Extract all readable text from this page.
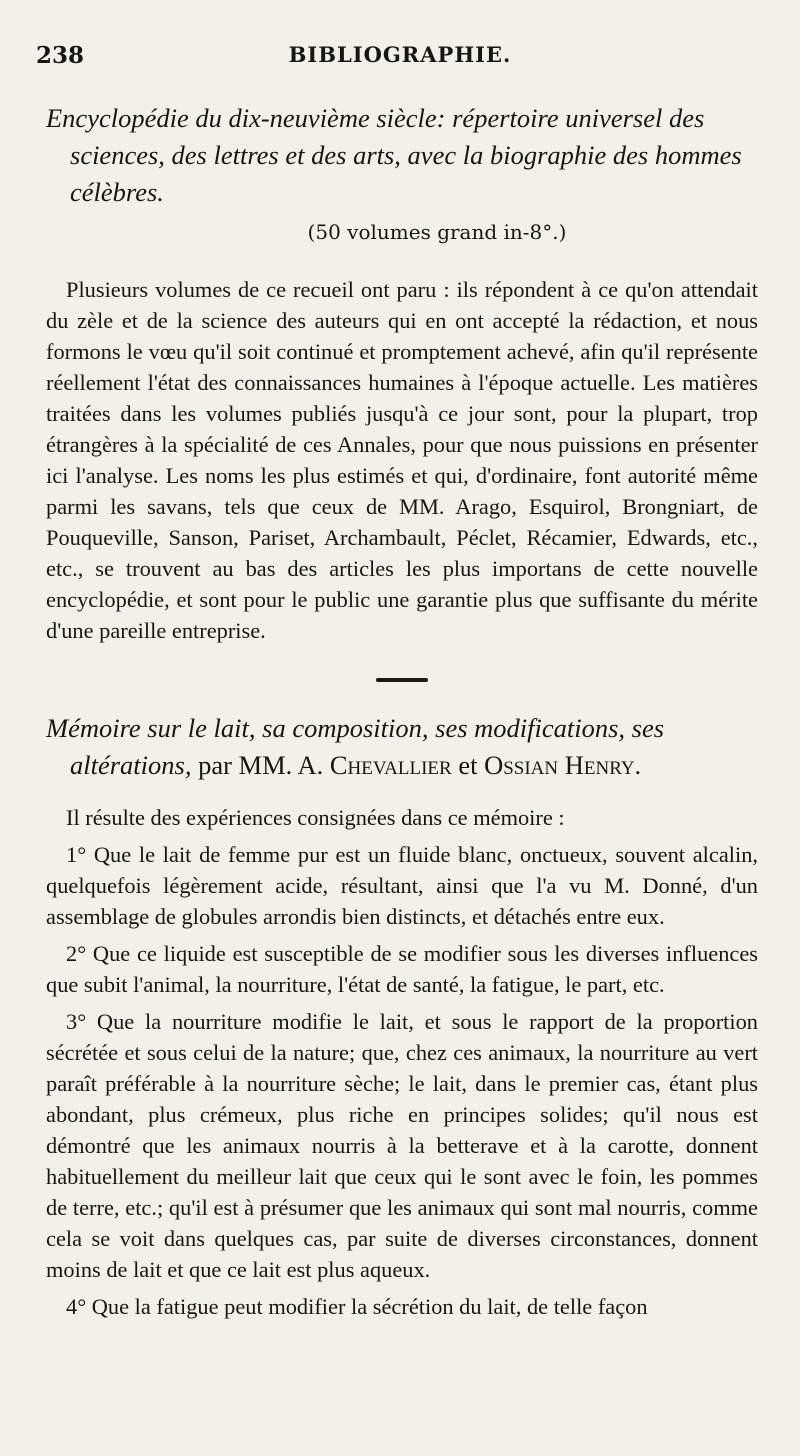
238	BIBLIOGRAPHIE.

Encyclopédie du dix-neuvième siècle: répertoire universel des sciences, des lettres et des arts, avec la biographie des hommes célèbres.

(50 volumes grand in-8°.)

Plusieurs volumes de ce recueil ont paru : ils répondent à ce qu'on attendait du zèle et de la science des auteurs qui en ont accepté la rédaction, et nous formons le vœu qu'il soit continué et promptement achevé, afin qu'il représente réellement l'état des connaissances humaines à l'époque actuelle. Les matières traitées dans les volumes publiés jusqu'à ce jour sont, pour la plupart, trop étrangères à la spécialité de ces Annales, pour que nous puissions en présenter ici l'analyse. Les noms les plus estimés et qui, d'ordinaire, font autorité même parmi les savans, tels que ceux de MM. Arago, Esquirol, Brongniart, de Pouqueville, Sanson, Pariset, Archambault, Péclet, Récamier, Edwards, etc., etc., se trouvent au bas des articles les plus importans de cette nouvelle encyclopédie, et sont pour le public une garantie plus que suffisante du mérite d'une pareille entreprise.

Mémoire sur le lait, sa composition, ses modifications, ses altérations, par MM. A. Chevallier et Ossian Henry.

Il résulte des expériences consignées dans ce mémoire :

1° Que le lait de femme pur est un fluide blanc, onctueux, souvent alcalin, quelquefois légèrement acide, résultant, ainsi que l'a vu M. Donné, d'un assemblage de globules arrondis bien distincts, et détachés entre eux.

2° Que ce liquide est susceptible de se modifier sous les diverses influences que subit l'animal, la nourriture, l'état de santé, la fatigue, le part, etc.

3° Que la nourriture modifie le lait, et sous le rapport de la proportion sécrétée et sous celui de la nature; que, chez ces animaux, la nourriture au vert paraît préférable à la nourriture sèche; le lait, dans le premier cas, étant plus abondant, plus crémeux, plus riche en principes solides; qu'il nous est démontré que les animaux nourris à la betterave et à la carotte, donnent habituellement du meilleur lait que ceux qui le sont avec le foin, les pommes de terre, etc.; qu'il est à présumer que les animaux qui sont mal nourris, comme cela se voit dans quelques cas, par suite de diverses circonstances, donnent moins de lait et que ce lait est plus aqueux.

4° Que la fatigue peut modifier la sécrétion du lait, de telle façon
